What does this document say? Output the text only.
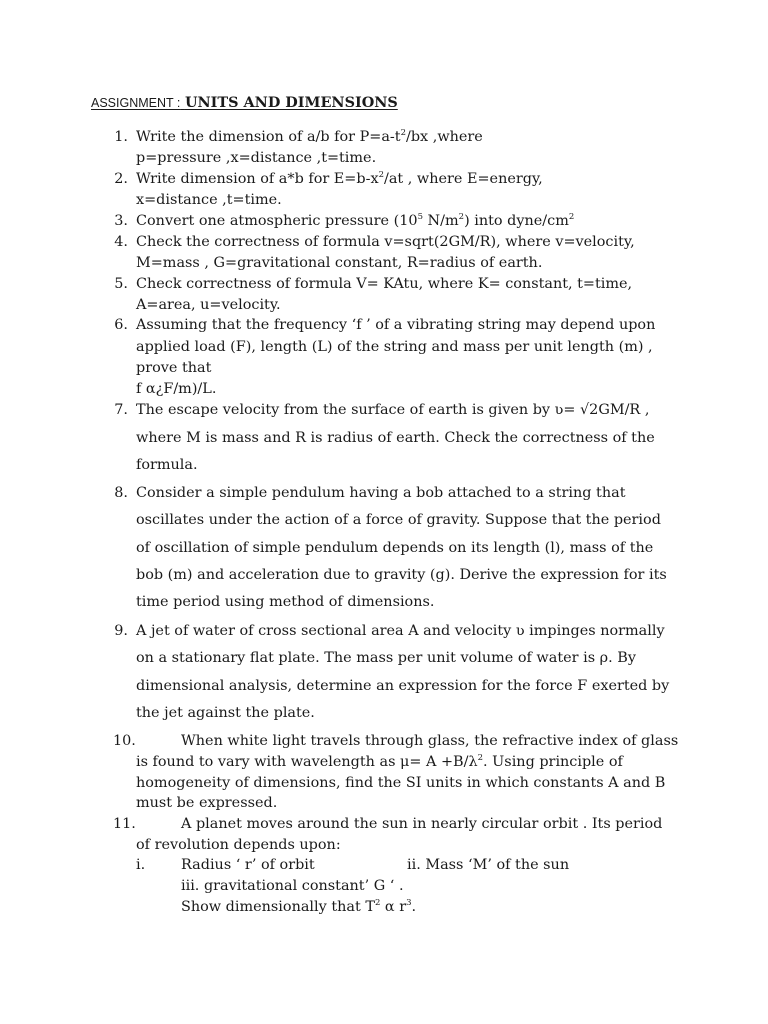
ASSIGNMENT : UNITS AND DIMENSIONS
1. Write the dimension of a/b for $P=a-t^2/bx$ ,where
p=pressure ,x=distance ,t=time.
2. Write dimension of a*b for $E=b-x^2/at$ , where E=energy,
x=distance ,t=time.
3. Convert one atmospheric pressure ($10^5$ $N/m^2$) into dyne/$cm^2$
4. Check the correctness of formula v=sqrt(2GM/R), where v=velocity,
M=mass , G=gravitational constant, R=radius of earth.
5. Check correctness of formula V= KAtu, where K= constant, t=time,
A=area, u=velocity.
6. Assuming that the frequency ‘f ’ of a vibrating string may depend upon
applied load (F), length (L) of the string and mass per unit length (m) ,
prove that
f α¿F/m)/L.
7. The escape velocity from the surface of earth is given by ʋ= √2GM/R ,
where M is mass and R is radius of earth. Check the correctness of the
formula.
8. Consider a simple pendulum having a bob attached to a string that
oscillates under the action of a force of gravity. Suppose that the period
of oscillation of simple pendulum depends on its length (l), mass of the
bob (m) and acceleration due to gravity (g). Derive the expression for its
time period using method of dimensions.
9. A jet of water of cross sectional area A and velocity ʋ impinges normally
on a stationary flat plate. The mass per unit volume of water is ρ. By
dimensional analysis, determine an expression for the force F exerted by
the jet against the plate.
10.	When white light travels through glass, the refractive index of glass
is found to vary with wavelength as $\mu= A +B/\lambda^2$. Using principle of
homogeneity of dimensions, find the SI units in which constants A and B
must be expressed.
11.	A planet moves around the sun in nearly circular orbit . Its period
of revolution depends upon:
i. Radius ‘ r’ of orbit	ii. Mass ‘M’ of the sun
iii. gravitational constant’ G ‘ .
Show dimensionally that $T^2$ α $r^3$.
